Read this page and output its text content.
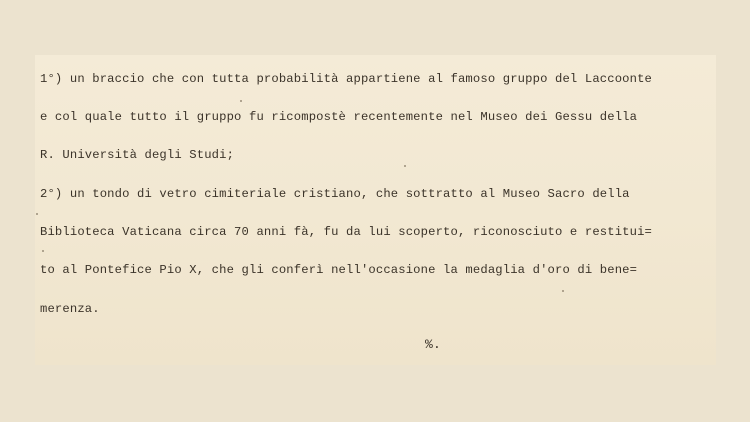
1°) un braccio che con tutta probabilità appartiene al famoso gruppo del Laccoonte

e col quale tutto il gruppo fu ricompostè recentemente nel Museo dei Gessu della

R. Università degli Studi;

2°) un tondo di vetro cimiteriale cristiano, che sottratto al Museo Sacro della

Biblioteca Vaticana circa 70 anni fà, fu da lui scoperto, riconosciuto e restitui=

to al Pontefice Pio X, che gli conferì nell'occasione la medaglia d'oro di bene=

merenza.

%.
